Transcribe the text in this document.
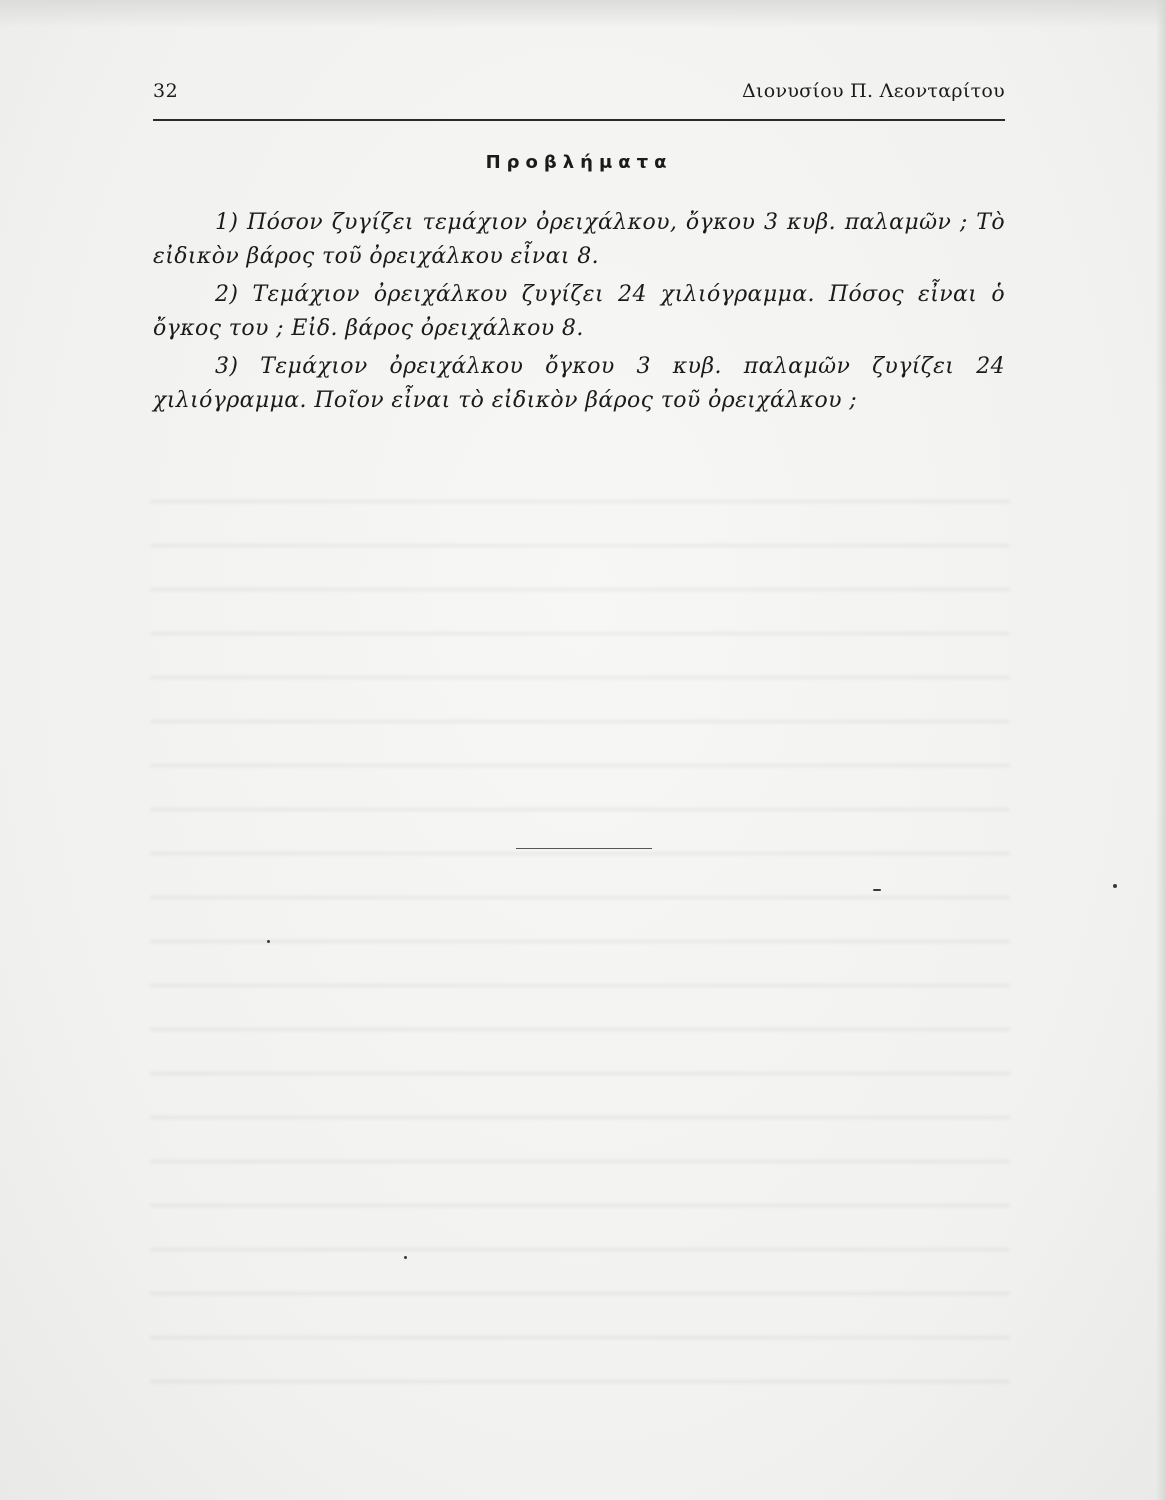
32	Διονυσίου Π. Λεονταρίτου
Προβλήματα

1) Πόσον ζυγίζει τεμάχιον ὀρειχάλκου, ὄγκου 3 κυβ. παλαμῶν ; Τὸ εἰδικὸν βάρος τοῦ ὀρειχάλκου εἶναι 8.

2) Τεμάχιον ὀρειχάλκου ζυγίζει 24 χιλιόγραμμα. Πόσος εἶναι ὁ ὄγκος του ; Εἰδ. βάρος ὀρειχάλκου 8.

3) Τεμάχιον ὀρειχάλκου ὄγκου 3 κυβ. παλαμῶν ζυγίζει 24 χιλιόγραμμα. Ποῖον εἶναι τὸ εἰδικὸν βάρος τοῦ ὀρειχάλκου ;
